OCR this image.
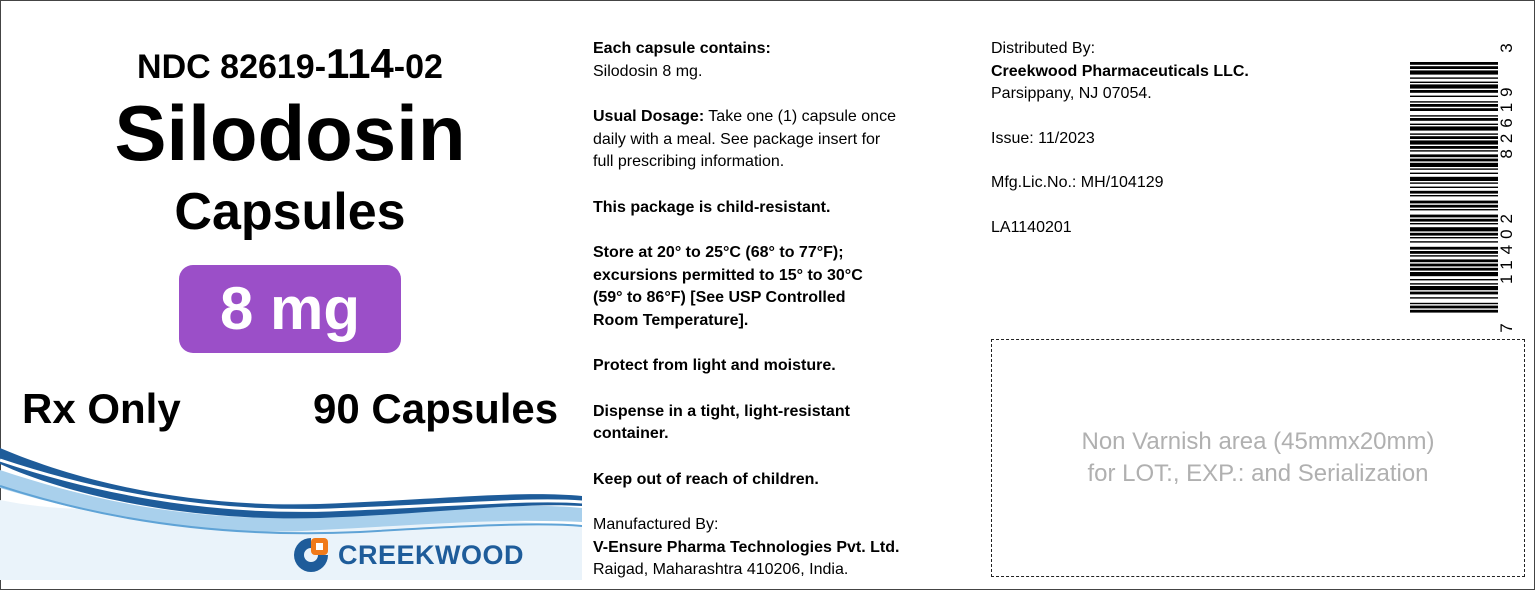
NDC 82619-114-02
Silodosin
Capsules
8 mg
Rx Only	90 Capsules
CREEKWOOD

Each capsule contains:
Silodosin 8 mg.

Usual Dosage: Take one (1) capsule once
daily with a meal. See package insert for
full prescribing information.

This package is child-resistant.

Store at 20° to 25°C (68° to 77°F);
excursions permitted to 15° to 30°C
(59° to 86°F) [See USP Controlled
Room Temperature].

Protect from light and moisture.

Dispense in a tight, light-resistant
container.

Keep out of reach of children.

Manufactured By:
V-Ensure Pharma Technologies Pvt. Ltd.
Raigad, Maharashtra 410206, India.

Distributed By:
Creekwood Pharmaceuticals LLC.
Parsippany, NJ 07054.

Issue: 11/2023

Mfg.Lic.No.: MH/104129

LA1140201

3
82619
11402
7
Non Varnish area (45mmx20mm)
for LOT:, EXP.: and Serialization
